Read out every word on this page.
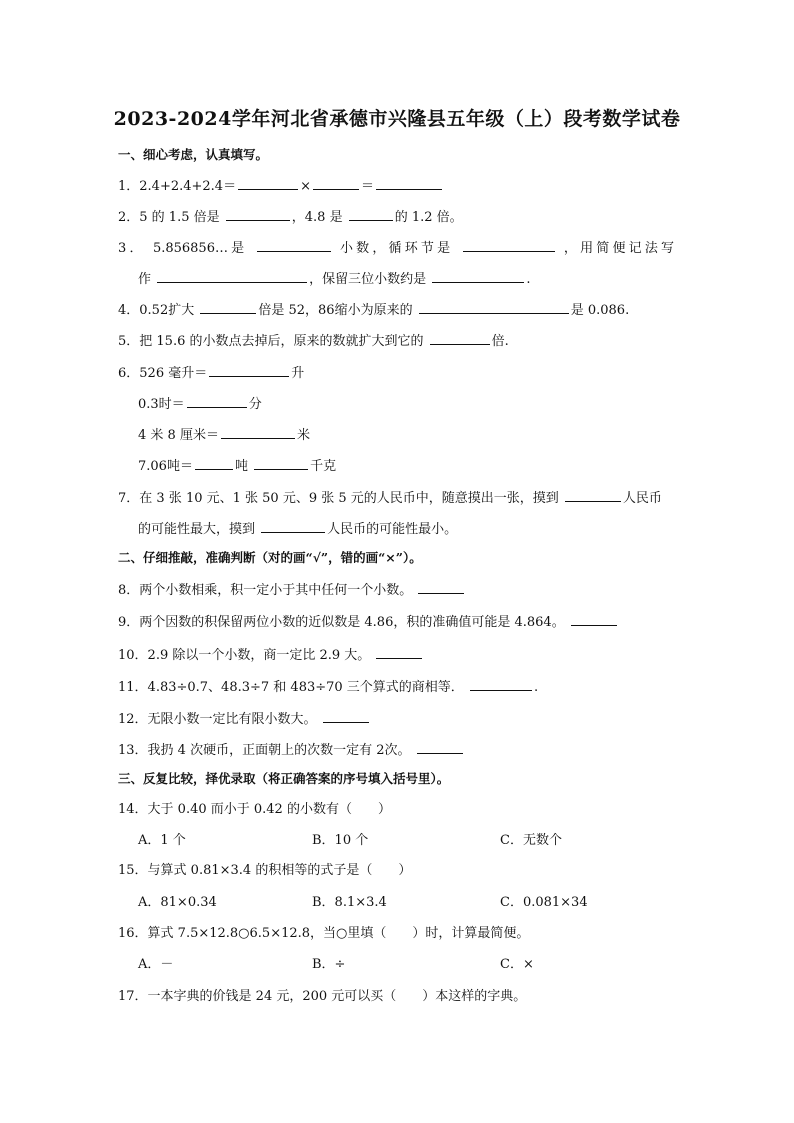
2023-2024学年河北省承德市兴隆县五年级（上）段考数学试卷
一、细心考虑，认真填写。
1．2.4+2.4+2.4＝	×	＝
2．5 的 1.5 倍是	，4.8 是	的 1.2 倍。
3． 5.856856…是	小数，循环节是	，用简便记法写
作	，保留三位小数约是	.
4．0.52扩大	倍是 52，86缩小为原来的	是 0.086.
5．把 15.6 的小数点去掉后，原来的数就扩大到它的	倍.
6．526 毫升＝	升
0.3时＝	分
4 米 8 厘米＝	米
7.06吨＝	吨	千克
7．在 3 张 10 元、1 张 50 元、9 张 5 元的人民币中，随意摸出一张，摸到	人民币
的可能性最大，摸到	人民币的可能性最小。
二、仔细推敲，准确判断（对的画“√”，错的画“×”）。
8．两个小数相乘，积一定小于其中任何一个小数。
9．两个因数的积保留两位小数的近似数是 4.86，积的准确值可能是 4.864。
10．2.9 除以一个小数，商一定比 2.9 大。
11．4.83÷0.7、48.3÷7 和 483÷70 三个算式的商相等．	.
12．无限小数一定比有限小数大。
13．我扔 4 次硬币，正面朝上的次数一定有 2次。
三、反复比较，择优录取（将正确答案的序号填入括号里）。
14．大于 0.40 而小于 0.42 的小数有（　　）
A．1 个	B．10 个	C．无数个
15．与算式 0.81×3.4 的积相等的式子是（　　）
A．81×0.34	B．8.1×3.4	C．0.081×34
16．算式 7.5×12.8○6.5×12.8，当○里填（　　）时，计算最简便。
A．－	B．÷	C．×
17．一本字典的价钱是 24 元，200 元可以买（　　）本这样的字典。
